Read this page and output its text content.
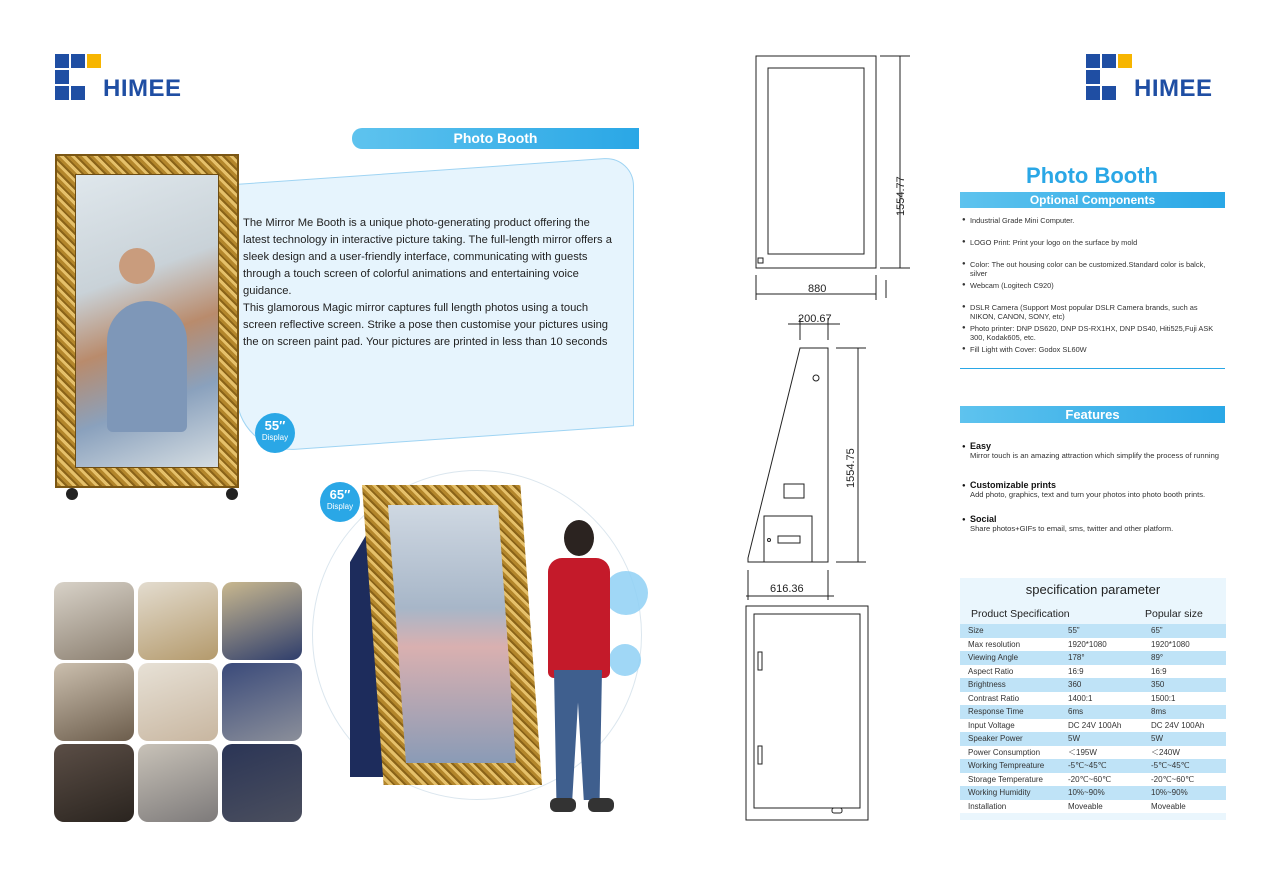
HIMEE
Photo Booth

The Mirror Me Booth is a unique photo-generating product offering the latest technology in interactive picture taking. The full-length mirror offers a sleek design and a user-friendly interface, communicating with guests through a touch screen of colorful animations and entertaining voice guidance.

This glamorous Magic mirror captures full length photos using a touch screen reflective screen. Strike a pose then customise your pictures using the on screen paint pad. Your pictures are printed in less than 10 seconds

55″
Display
65″
Display
1554.77
880
200.67
1554.75
616.36
HIMEE
Photo Booth
Optional Components
● Industrial Grade Mini Computer.
● LOGO Print: Print your logo on the surface by mold
● Color: The out housing color can be customized.Standard color is balck, silver
● Webcam (Logitech C920)
● DSLR Camera (Support Most popular DSLR Camera brands, such as NIKON, CANON, SONY, etc)
● Photo printer: DNP DS620, DNP DS-RX1HX, DNP DS40, Hiti525,Fuji ASK 300, Kodak605, etc.
● Fill Light with Cover: Godox SL60W
Features
● Easy
Mirror touch is an amazing attraction which simplify the process of running
● Customizable prints
Add photo, graphics, text and turn your photos into photo booth prints.
● Social
Share photos+GIFs to email, sms, twitter and other platform.
specification parameter
Product Specification	Popular size
Size	55”	65”
Max resolution	1920*1080	1920*1080
Viewing Angle	178°	89°
Aspect Ratio	16:9	16:9
Brightness	360	350
Contrast Ratio	1400:1	1500:1
Response Time	6ms	8ms
Input Voltage	DC 24V 100Ah	DC 24V 100Ah
Speaker Power	5W	5W
Power Consumption	＜195W	＜240W
Working Tempreature	-5℃~45℃	-5℃~45℃
Storage Temperature	-20℃~60℃	-20℃~60℃
Working Humidity	10%~90%	10%~90%
Installation	Moveable	Moveable
